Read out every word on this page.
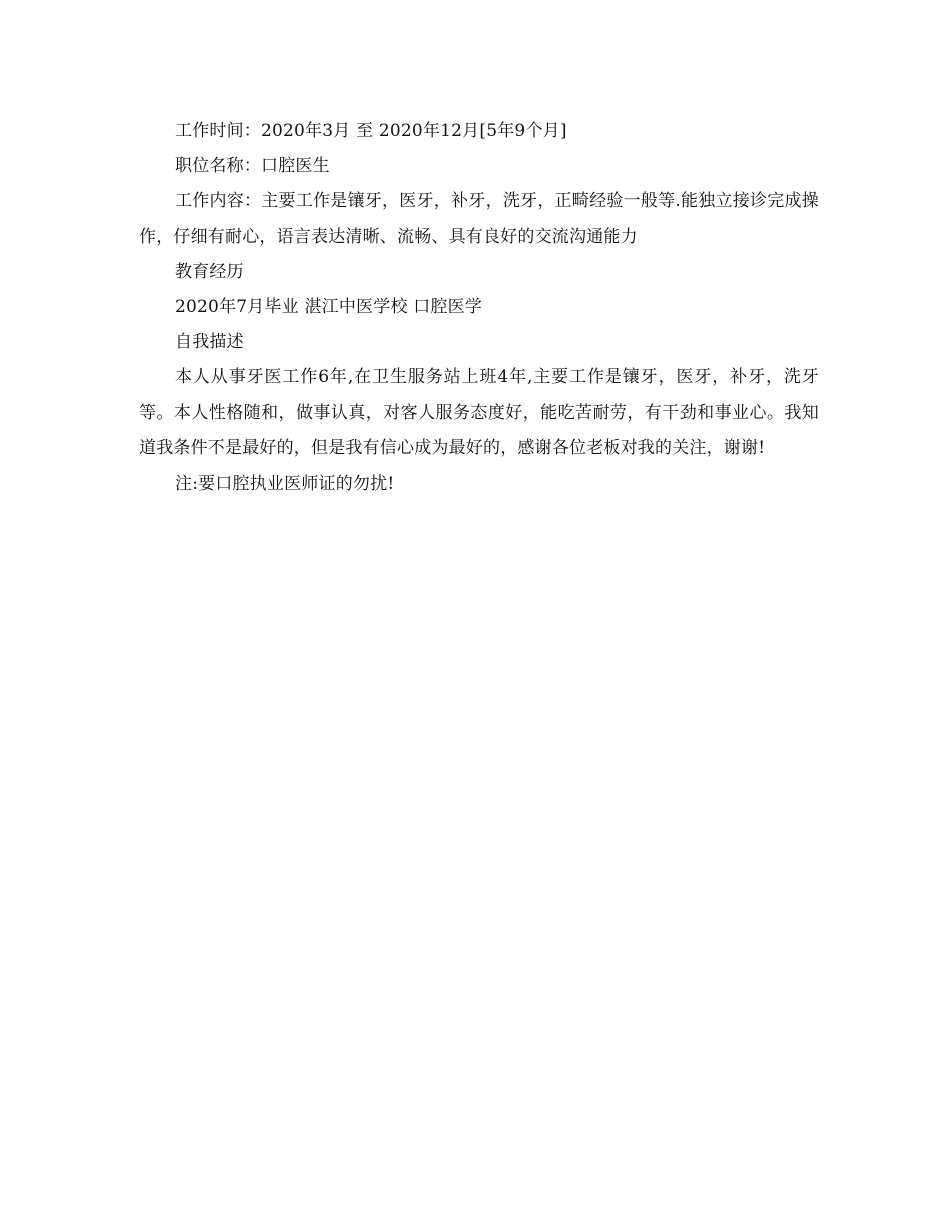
工作时间：2020年3月 至 2020年12月[5年9个月]

职位名称：口腔医生

工作内容：主要工作是镶牙，医牙，补牙，洗牙，正畸经验一般等.能独立接诊完成操作，仔细有耐心，语言表达清晰、流畅、具有良好的交流沟通能力

教育经历

2020年7月毕业 湛江中医学校 口腔医学

自我描述

本人从事牙医工作6年,在卫生服务站上班4年,主要工作是镶牙，医牙，补牙，洗牙等。本人性格随和，做事认真，对客人服务态度好，能吃苦耐劳，有干劲和事业心。我知道我条件不是最好的，但是我有信心成为最好的，感谢各位老板对我的关注，谢谢!

注:要口腔执业医师证的勿扰!
